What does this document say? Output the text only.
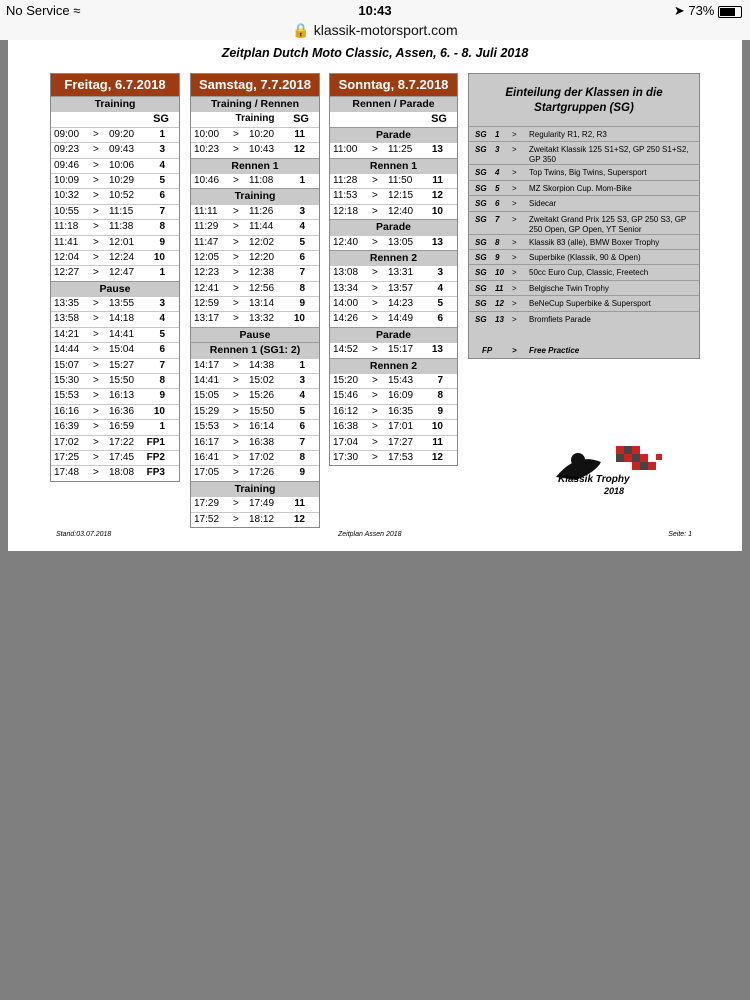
No Service ≈	10:43	➤ 73%
🔒 klassik-motorsport.com
Zeitplan Dutch Moto Classic, Assen, 6. - 8. Juli 2018
Freitag, 6.7.2018
Training
SG
09:00 > 09:20	1
09:23 > 09:43	3
09:46 > 10:06	4
10:09 > 10:29	5
10:32 > 10:52	6
10:55 > 11:15	7
11:18 > 11:38	8
11:41 > 12:01	9
12:04 > 12:24 10
12:27 > 12:47	1
Pause
13:35 > 13:55	3
13:58 > 14:18	4
14:21 > 14:41	5
14:44 > 15:04	6
15:07 > 15:27	7
15:30 > 15:50	8
15:53 > 16:13	9
16:16 > 16:36 10
16:39 > 16:59	1
17:02 > 17:22 FP1
17:25 > 17:45 FP2
17:48 > 18:08 FP3
Samstag, 7.7.2018
Training / Rennen
Training	SG
10:00 > 10:20 11
10:23 > 10:43 12
Rennen 1
10:46 > 11:08	1
Training
11:11 > 11:26	3
11:29 > 11:44	4
11:47 > 12:02	5
12:05 > 12:20	6
12:23 > 12:38	7
12:41 > 12:56	8
12:59 > 13:14	9
13:17 > 13:32 10
Pause
Rennen 1 (SG1: 2)
14:17 > 14:38	1
14:41 > 15:02	3
15:05 > 15:26	4
15:29 > 15:50	5
15:53 > 16:14	6
16:17 > 16:38	7
16:41 > 17:02	8
17:05 > 17:26	9
Training
17:29 > 17:49 11
17:52 > 18:12 12
Sonntag, 8.7.2018
Rennen / Parade
SG
Parade
11:00 > 11:25 13
Rennen 1
11:28 > 11:50 11
11:53 > 12:15 12
12:18 > 12:40 10
Parade
12:40 > 13:05 13
Rennen 2
13:08 > 13:31 3
13:34 > 13:57 4
14:00 > 14:23 5
14:26 > 14:49 6
Parade
14:52 > 15:17 13
Rennen 2
15:20 > 15:43 7
15:46 > 16:09 8
16:12 > 16:35 9
16:38 > 17:01 10
17:04 > 17:27 11
17:30 > 17:53 12
Einteilung der Klassen in die Startgruppen (SG)
SG 1 > Regularity R1, R2, R3
SG 3 > Zweitakt Klassik 125 S1+S2, GP 250 S1+S2, GP 350
SG 4 > Top Twins, Big Twins, Supersport
SG 5 > MZ Skorpion Cup. Mom-Bike
SG 6 > Sidecar
SG 7 > Zweitakt Grand Prix 125 S3, GP 250 S3, GP 250 Open, GP Open, YT Senior
SG 8 > Klassik 83 (alle), BMW Boxer Trophy
SG 9 > Superbike (Klassik, 90 & Open)
SG 10 > 50cc Euro Cup, Classic, Freetech
SG 11 > Belgische Twin Trophy
SG 12 > BeNeCup Superbike & Supersport
SG 13 > Bromfiets Parade
FP > Free Practice
Klassik Trophy
2018
Stand:03.07.2018	Zeitplan Assen 2018	Seite: 1
